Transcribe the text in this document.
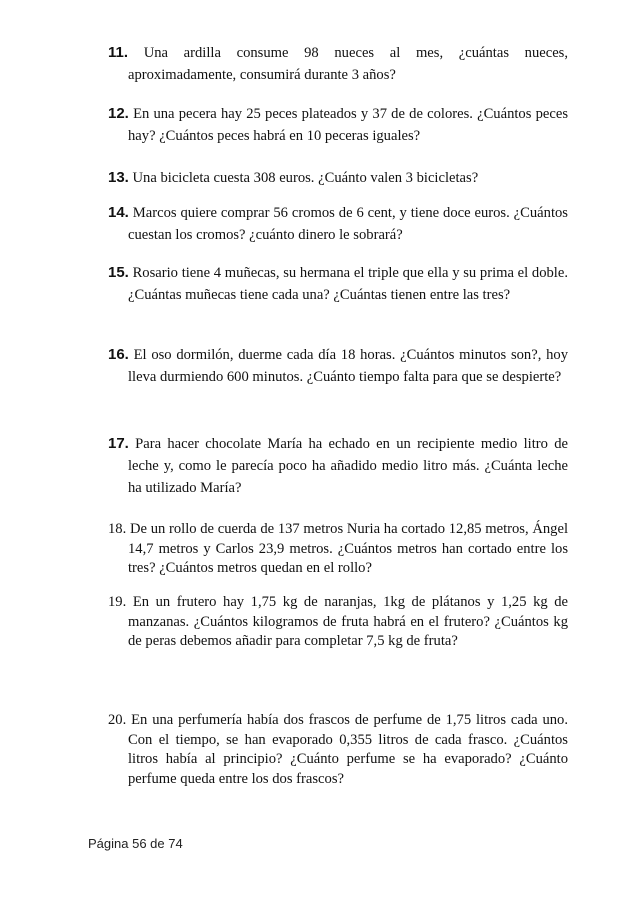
11. Una ardilla consume 98 nueces al mes, ¿cuántas nueces, aproximadamente, consumirá durante 3 años?
12. En una pecera hay 25 peces plateados y 37 de de colores. ¿Cuántos peces hay? ¿Cuántos peces habrá en 10 peceras iguales?
13. Una bicicleta cuesta 308 euros. ¿Cuánto valen 3 bicicletas?
14. Marcos quiere comprar 56 cromos de 6 cent, y tiene doce euros. ¿Cuántos cuestan los cromos? ¿cuánto dinero le sobrará?
15. Rosario tiene 4 muñecas, su hermana el triple que ella y su prima el doble. ¿Cuántas muñecas tiene cada una? ¿Cuántas tienen entre las tres?
16. El oso dormilón, duerme cada día 18 horas. ¿Cuántos minutos son?, hoy lleva durmiendo 600 minutos. ¿Cuánto tiempo falta para que se despierte?
17. Para hacer chocolate María ha echado en un recipiente medio litro de leche y, como le parecía poco ha añadido medio litro más. ¿Cuánta leche ha utilizado María?
18. De un rollo de cuerda de 137 metros Nuria ha cortado 12,85 metros, Ángel 14,7 metros y Carlos 23,9 metros. ¿Cuántos metros han cortado entre los tres? ¿Cuántos metros quedan en el rollo?
19. En un frutero hay 1,75 kg de naranjas, 1kg de plátanos y 1,25 kg de manzanas. ¿Cuántos kilogramos de fruta habrá en el frutero? ¿Cuántos kg de peras debemos añadir para completar 7,5 kg de fruta?
20. En una perfumería había dos frascos de perfume de 1,75 litros cada uno. Con el tiempo, se han evaporado 0,355 litros de cada frasco. ¿Cuántos litros había al principio? ¿Cuánto perfume se ha evaporado? ¿Cuánto perfume queda entre los dos frascos?
Página 56 de 74
